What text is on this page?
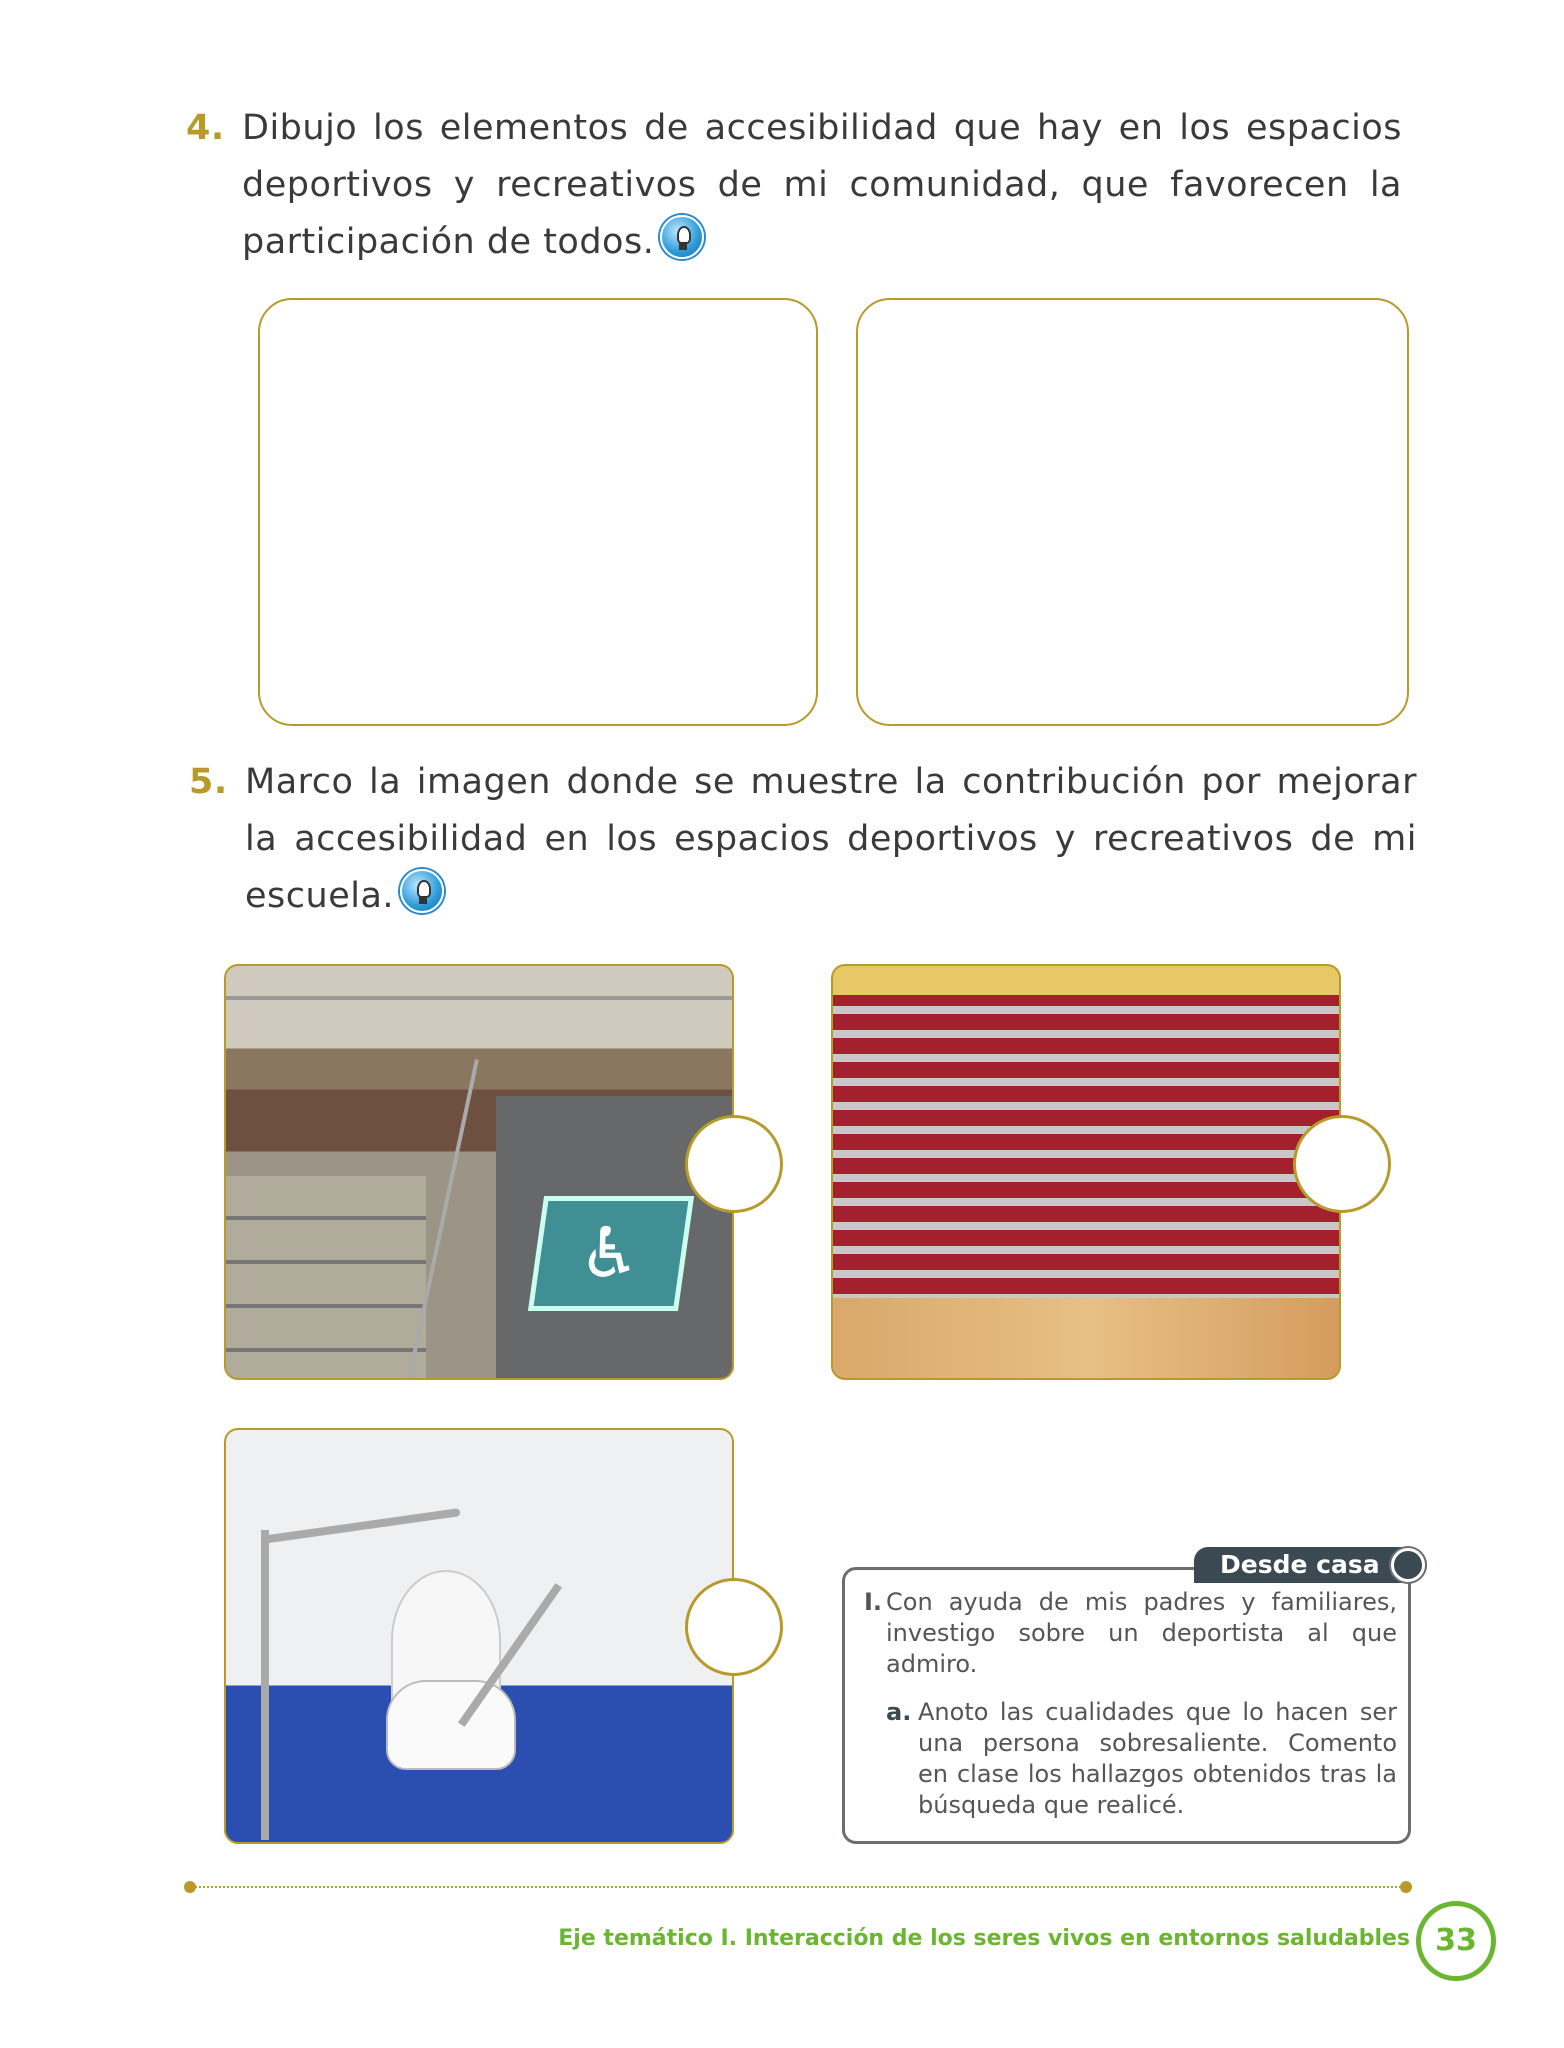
4. Dibujo los elementos de accesibilidad que hay en los espacios deportivos y recreativos de mi comunidad, que favorecen la participación de todos.

5. Marco la imagen donde se muestre la contribución por mejorar la accesibilidad en los espacios deportivos y recreativos de mi escuela.

♿
Desde casa
I. Con ayuda de mis padres y familiares, investigo sobre un deportista al que admiro.
a. Anoto las cualidades que lo hacen ser una persona sobresaliente. Comento en clase los hallazgos obtenidos tras la búsqueda que realicé.
Eje temático I. Interacción de los seres vivos en entornos saludables 33
